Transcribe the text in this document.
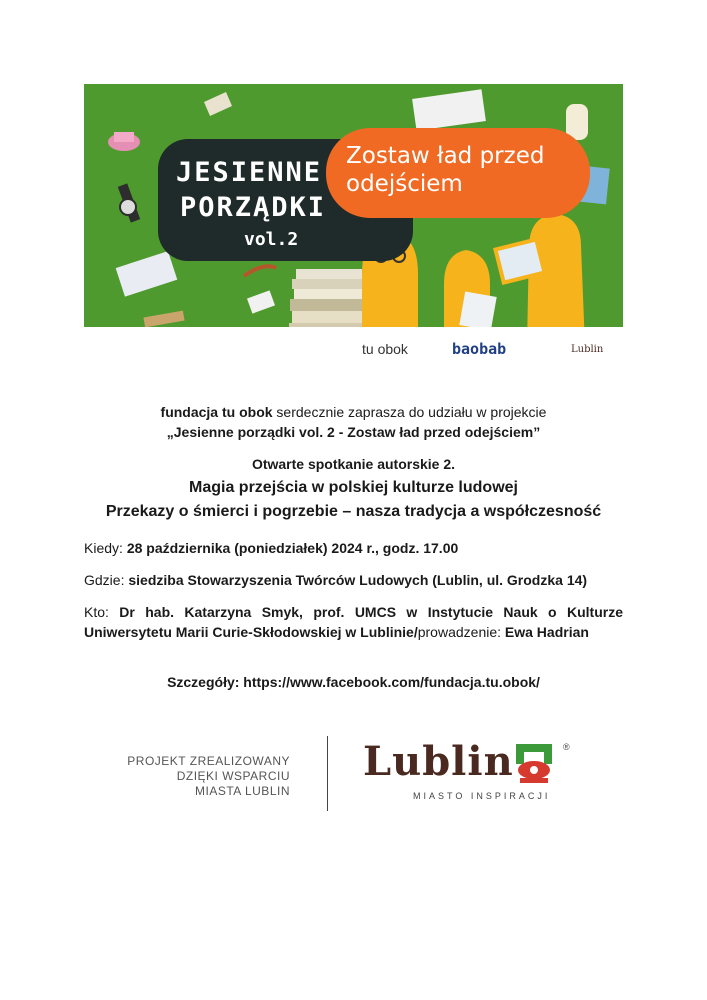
JESIENNE
PORZĄDKI
vol.2
Zostaw ład przed odejściem
tu obok	baobab	Lublin
fundacja tu obok serdecznie zaprasza do udziału w projekcie
„Jesienne porządki vol. 2 - Zostaw ład przed odejściem”
Otwarte spotkanie autorskie 2.
Magia przejścia w polskiej kulturze ludowej
Przekazy o śmierci i pogrzebie – nasza tradycja a współczesność
Kiedy: 28 października (poniedziałek) 2024 r., godz. 17.00
Gdzie: siedziba Stowarzyszenia Twórców Ludowych (Lublin, ul. Grodzka 14)
Kto: Dr hab. Katarzyna Smyk, prof. UMCS w Instytucie Nauk o Kulturze Uniwersytetu Marii Curie-Skłodowskiej w Lublinie/prowadzenie: Ewa Hadrian
Szczegóły: https://www.facebook.com/fundacja.tu.obok/
PROJEKT ZREALIZOWANY
DZIĘKI WSPARCIU
MIASTA LUBLIN
Lublin	®
MIASTO INSPIRACJI
